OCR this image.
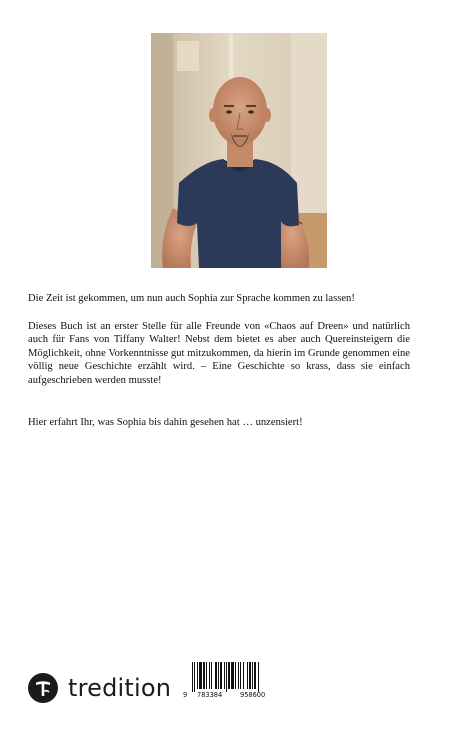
Die Zeit ist gekommen, um nun auch Sophia zur Sprache kommen zu lassen!

Dieses Buch ist an erster Stelle für alle Freunde von «Chaos auf Dreen» und natürlich auch für Fans von Tiffany Walter! Nebst dem bietet es aber auch Quereinsteigern die Möglichkeit, ohne Vorkenntnisse gut mitzukommen, da hierin im Grunde genommen eine völlig neue Geschichte erzählt wird. – Eine Geschichte so krass, dass sie einfach aufgeschrieben werden musste!

Hier erfahrt Ihr, was Sophia bis dahin gesehen hat … unzensiert!

tredition 9 783384	958600
